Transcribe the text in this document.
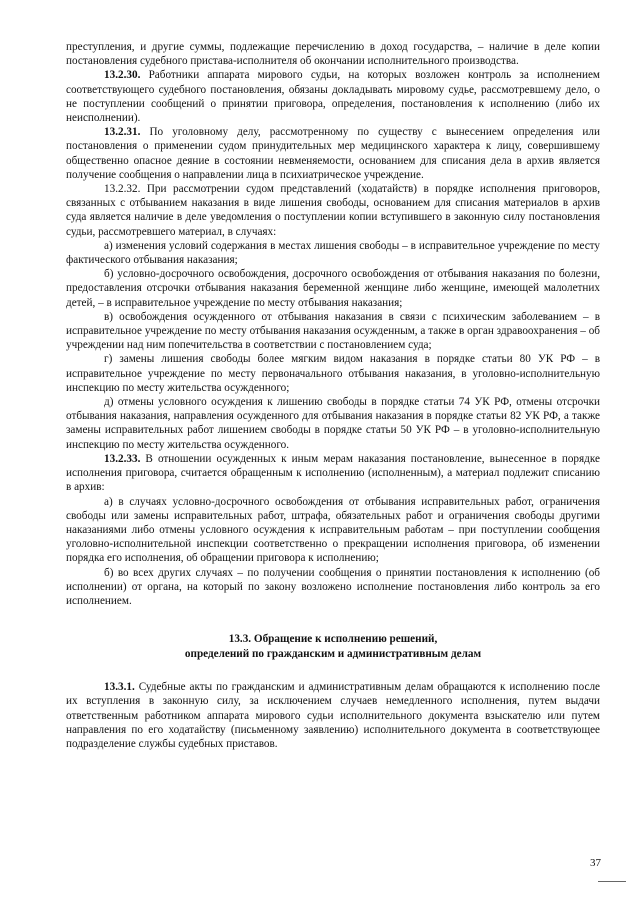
преступления, и другие суммы, подлежащие перечислению в доход государства, – наличие в деле копии постановления судебного пристава-исполнителя об окончании исполнительного производства.

13.2.30. Работники аппарата мирового судьи, на которых возложен контроль за исполнением соответствующего судебного постановления, обязаны докладывать мировому судье, рассмотревшему дело, о не поступлении сообщений о принятии приговора, определения, постановления к исполнению (либо их неисполнении).

13.2.31. По уголовному делу, рассмотренному по существу с вынесением определения или постановления о применении судом принудительных мер медицинского характера к лицу, совершившему общественно опасное деяние в состоянии невменяемости, основанием для списания дела в архив является получение сообщения о направлении лица в психиатрическое учреждение.

13.2.32. При рассмотрении судом представлений (ходатайств) в порядке исполнения приговоров, связанных с отбыванием наказания в виде лишения свободы, основанием для списания материалов в архив суда является наличие в деле уведомления о поступлении копии вступившего в законную силу постановления судьи, рассмотревшего материал, в случаях:

а) изменения условий содержания в местах лишения свободы – в исправительное учреждение по месту фактического отбывания наказания;

б) условно-досрочного освобождения, досрочного освобождения от отбывания наказания по болезни, предоставления отсрочки отбывания наказания беременной женщине либо женщине, имеющей малолетних детей, – в исправительное учреждение по месту отбывания наказания;

в) освобождения осужденного от отбывания наказания в связи с психическим заболеванием – в исправительное учреждение по месту отбывания наказания осужденным, а также в орган здравоохранения – об учреждении над ним попечительства в соответствии с постановлением суда;

г) замены лишения свободы более мягким видом наказания в порядке статьи 80 УК РФ – в исправительное учреждение по месту первоначального отбывания наказания, в уголовно-исполнительную инспекцию по месту жительства осужденного;

д) отмены условного осуждения к лишению свободы в порядке статьи 74 УК РФ, отмены отсрочки отбывания наказания, направления осужденного для отбывания наказания в порядке статьи 82 УК РФ, а также замены исправительных работ лишением свободы в порядке статьи 50 УК РФ – в уголовно-исполнительную инспекцию по месту жительства осужденного.

13.2.33. В отношении осужденных к иным мерам наказания постановление, вынесенное в порядке исполнения приговора, считается обращенным к исполнению (исполненным), а материал подлежит списанию в архив:

а) в случаях условно-досрочного освобождения от отбывания исправительных работ, ограничения свободы или замены исправительных работ, штрафа, обязательных работ и ограничения свободы другими наказаниями либо отмены условного осуждения к исправительным работам – при поступлении сообщения уголовно-исполнительной инспекции соответственно о прекращении исполнения приговора, об изменении порядка его исполнения, об обращении приговора к исполнению;

б) во всех других случаях – по получении сообщения о принятии постановления к исполнению (об исполнении) от органа, на который по закону возложено исполнение постановления либо контроль за его исполнением.

13.3. Обращение к исполнению решений,
определений по гражданским и административным делам

13.3.1. Судебные акты по гражданским и административным делам обращаются к исполнению после их вступления в законную силу, за исключением случаев немедленного исполнения, путем выдачи ответственным работником аппарата мирового судьи исполнительного документа взыскателю или путем направления по его ходатайству (письменному заявлению) исполнительного документа в соответствующее подразделение службы судебных приставов.

37
